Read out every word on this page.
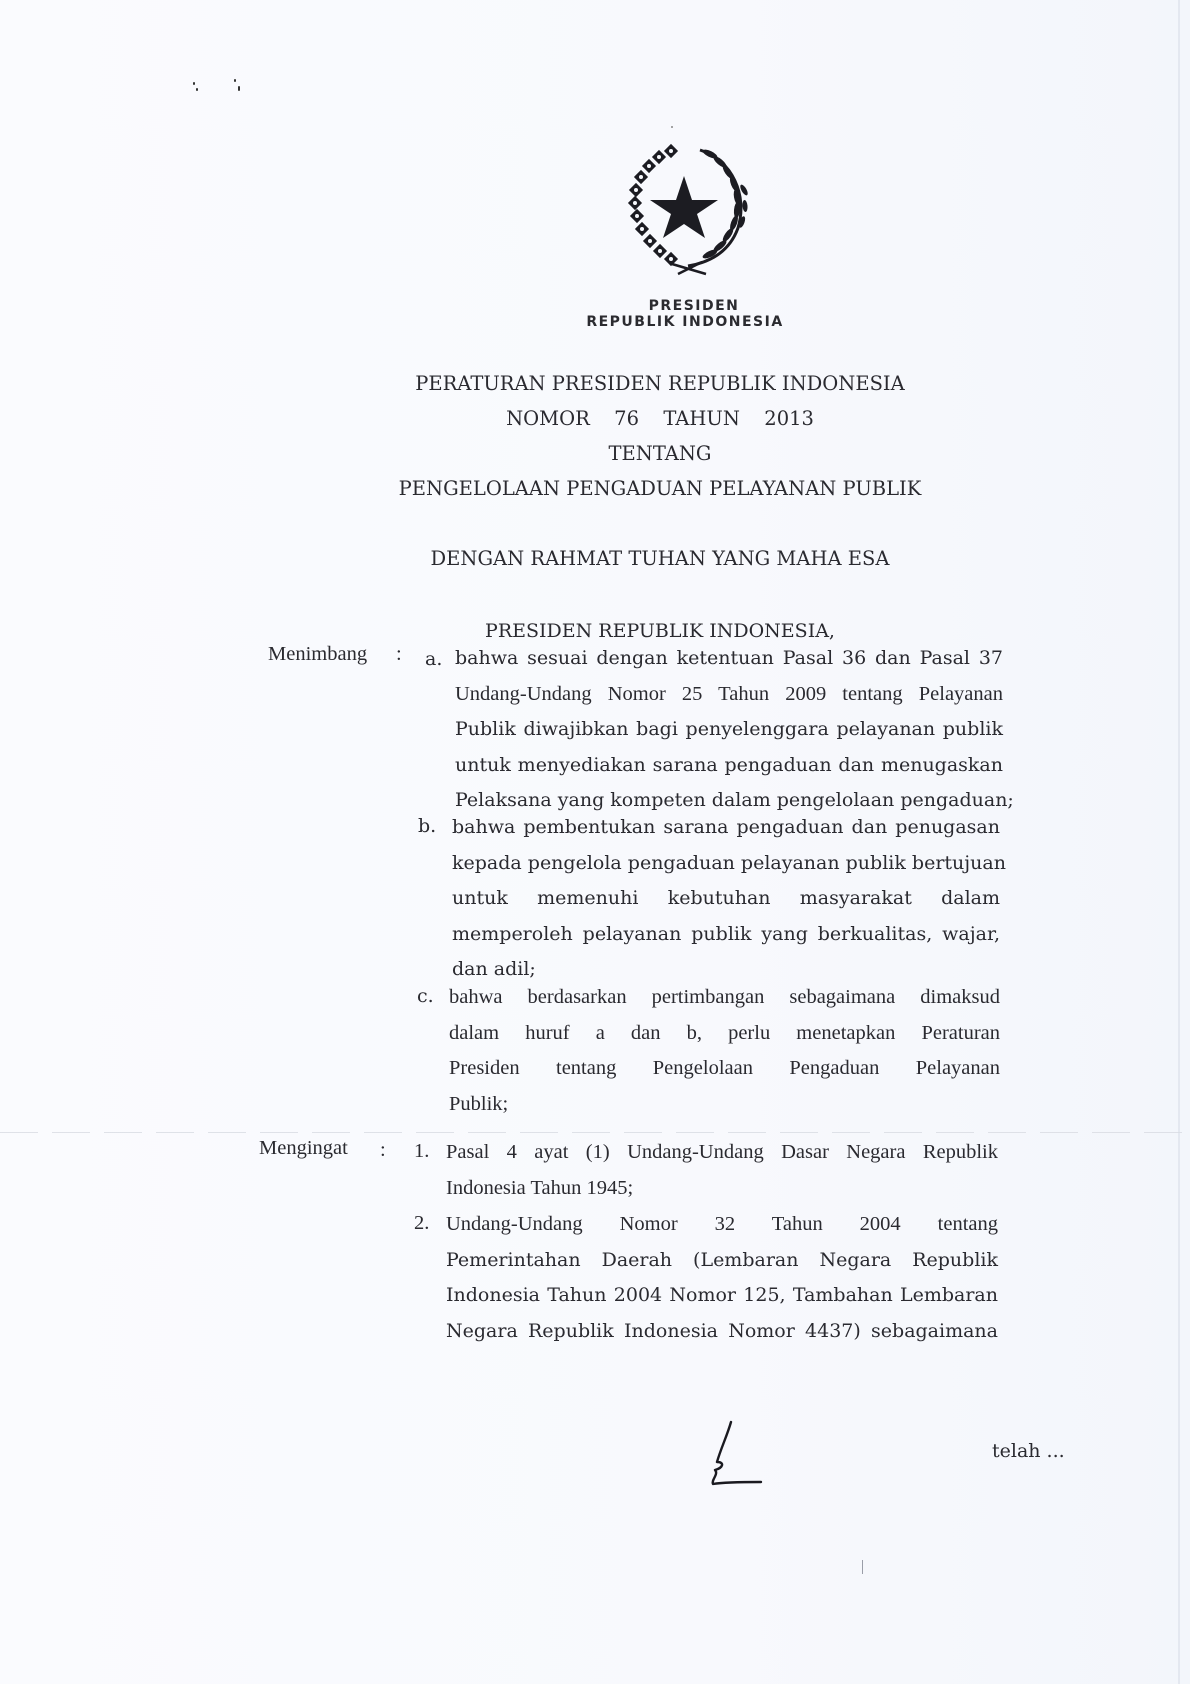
PRESIDEN
REPUBLIK INDONESIA
PERATURAN PRESIDEN REPUBLIK INDONESIA
NOMOR  76  TAHUN  2013
TENTANG
PENGELOLAAN PENGADUAN PELAYANAN PUBLIK
DENGAN RAHMAT TUHAN YANG MAHA ESA
PRESIDEN REPUBLIK INDONESIA,
Menimbang : a. bahwa sesuai dengan ketentuan Pasal 36 dan Pasal 37
Undang-Undang Nomor 25 Tahun 2009 tentang Pelayanan
Publik diwajibkan bagi penyelenggara pelayanan publik
untuk menyediakan sarana pengaduan dan menugaskan
Pelaksana yang kompeten dalam pengelolaan pengaduan;
b. bahwa pembentukan sarana pengaduan dan penugasan
kepada pengelola pengaduan pelayanan publik bertujuan
untuk memenuhi kebutuhan masyarakat dalam
memperoleh pelayanan publik yang berkualitas, wajar,
dan adil;
c. bahwa berdasarkan pertimbangan sebagaimana dimaksud
dalam huruf a dan b, perlu menetapkan Peraturan
Presiden tentang Pengelolaan Pengaduan Pelayanan
Publik;
Mengingat : 1. Pasal 4 ayat (1) Undang-Undang Dasar Negara Republik
Indonesia Tahun 1945;
2. Undang-Undang Nomor 32 Tahun 2004 tentang
Pemerintahan Daerah (Lembaran Negara Republik
Indonesia Tahun 2004 Nomor 125, Tambahan Lembaran
Negara Republik Indonesia Nomor 4437) sebagaimana
telah ...
